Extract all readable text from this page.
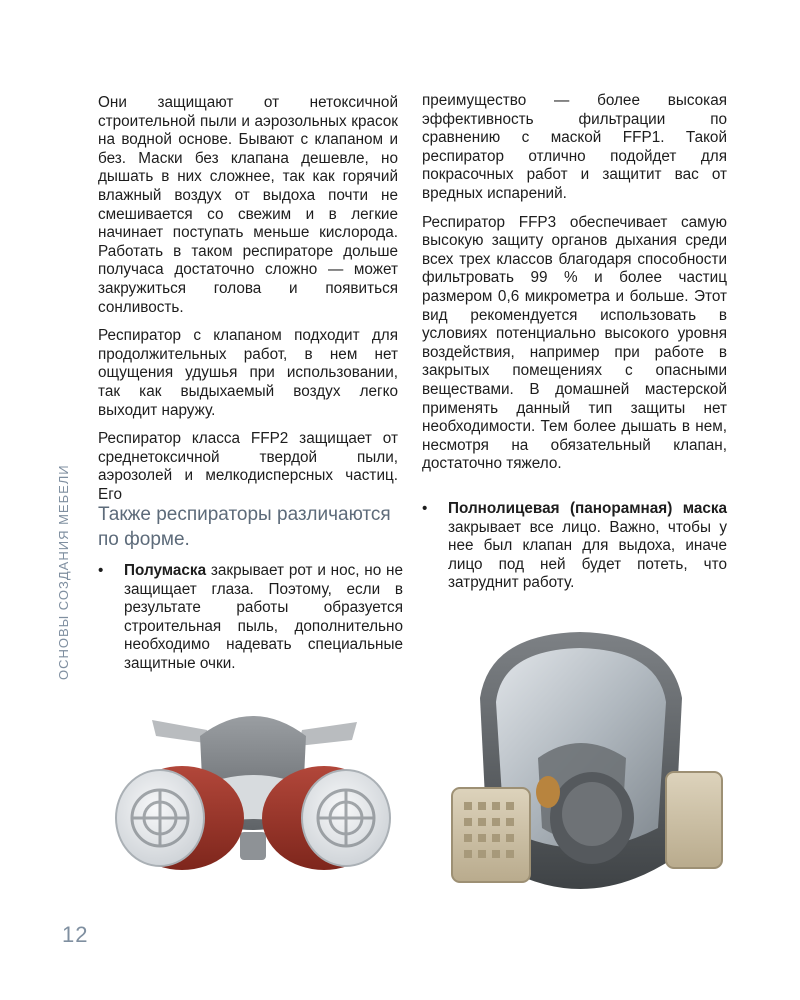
ОСНОВЫ СОЗДАНИЯ МЕБЕЛИ
12

Они защищают от нетоксичной строительной пыли и аэрозольных красок на водной основе. Бывают с клапаном и без. Маски без клапана дешевле, но дышать в них сложнее, так как горячий влажный воздух от выдоха почти не смешивается со свежим и в легкие начинает поступать меньше кислорода. Работать в таком респираторе дольше получаса достаточно сложно — может закружиться голова и появиться сонливость.

Респиратор с клапаном подходит для продолжительных работ, в нем нет ощущения удушья при использовании, так как выдыхаемый воздух легко выходит наружу.

Респиратор класса FFP2 защищает от среднетоксичной твердой пыли, аэрозолей и мелкодисперсных частиц. Его

преимущество — более высокая эффективность фильтрации по сравнению с маской FFP1. Такой респиратор отлично подойдет для покрасочных работ и защитит вас от вредных испарений.

Респиратор FFP3 обеспечивает самую высокую защиту органов дыхания среди всех трех классов благодаря способности фильтровать 99 % и более частиц размером 0,6 микрометра и больше. Этот вид рекомендуется использовать в условиях потенциально высокого уровня воздействия, например при работе в закрытых помещениях с опасными веществами. В домашней мастерской применять данный тип защиты нет необходимости. Тем более дышать в нем, несмотря на обязательный клапан, достаточно тяжело.

Также респираторы различаются по форме.
•	Полумаска закрывает рот и нос, но не защищает глаза. Поэтому, если в результате работы образуется строительная пыль, дополнительно необходимо надевать специальные защитные очки.
•	Полнолицевая (панорамная) маска закрывает все лицо. Важно, чтобы у нее был клапан для выдоха, иначе лицо под ней будет потеть, что затруднит работу.
